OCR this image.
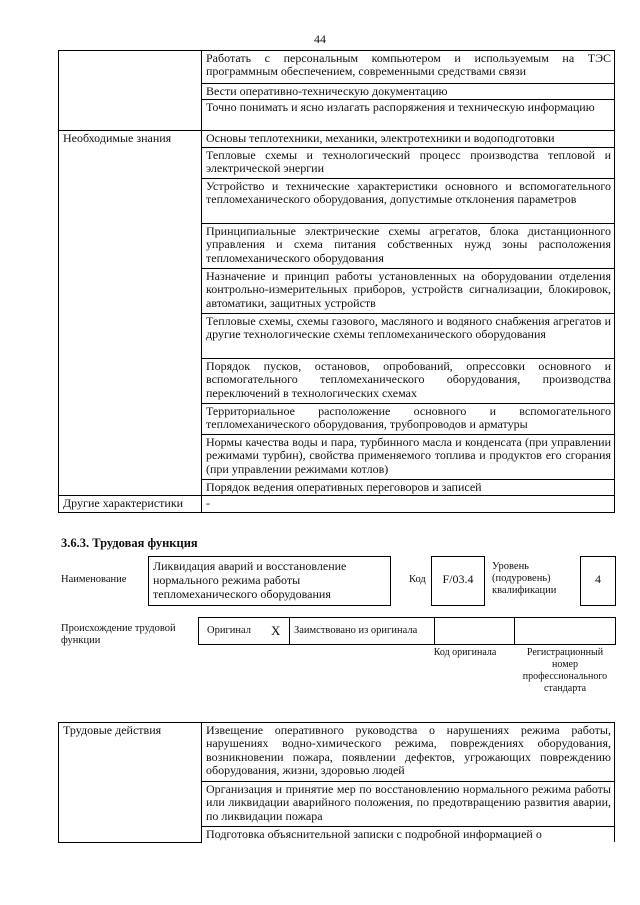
44
	Работать с персональным компьютером и используемым на ТЭС программным обеспечением, современными средствами связи
	Вести оперативно-техническую документацию
	Точно понимать и ясно излагать распоряжения и техническую информацию
Необходимые знания	Основы теплотехники, механики, электротехники и водоподготовки
	Тепловые схемы и технологический процесс производства тепловой и электрической энергии
	Устройство и технические характеристики основного и вспомогательного тепломеханического оборудования, допустимые отклонения параметров
	Принципиальные электрические схемы агрегатов, блока дистанционного управления и схема питания собственных нужд зоны расположения тепломеханического оборудования
	Назначение и принцип работы установленных на оборудовании отделения контрольно-измерительных приборов, устройств сигнализации, блокировок, автоматики, защитных устройств
	Тепловые схемы, схемы газового, масляного и водяного снабжения агрегатов и другие технологические схемы тепломеханического оборудования
	Порядок пусков, остановов, опробований, опрессовки основного и вспомогательного тепломеханического оборудования, производства переключений в технологических схемах
	Территориальное расположение основного и вспомогательного тепломеханического оборудования, трубопроводов и арматуры
	Нормы качества воды и пара, турбинного масла и конденсата (при управлении режимами турбин), свойства применяемого топлива и продуктов его сгорания (при управлении режимами котлов)
	Порядок ведения оперативных переговоров и записей
Другие характеристики	-
3.6.3. Трудовая функция
Наименование
Ликвидация аварий и восстановление нормального режима работы тепломеханического оборудования
Код	F/03.4
Уровень (подуровень) квалификации
4
Происхождение трудовой функции
Оригинал X Заимствовано из оригинала
Код оригинала	Регистрационный номер профессионального стандарта
Трудовые действия	Извещение оперативного руководства о нарушениях режима работы, нарушениях водно-химического режима, повреждениях оборудования, возникновении пожара, появлении дефектов, угрожающих повреждению оборудования, жизни, здоровью людей
Организация и принятие мер по восстановлению нормального режима работы или ликвидации аварийного положения, по предотвращению развития аварии, по ликвидации пожара
Подготовка объяснительной записки с подробной информацией о
